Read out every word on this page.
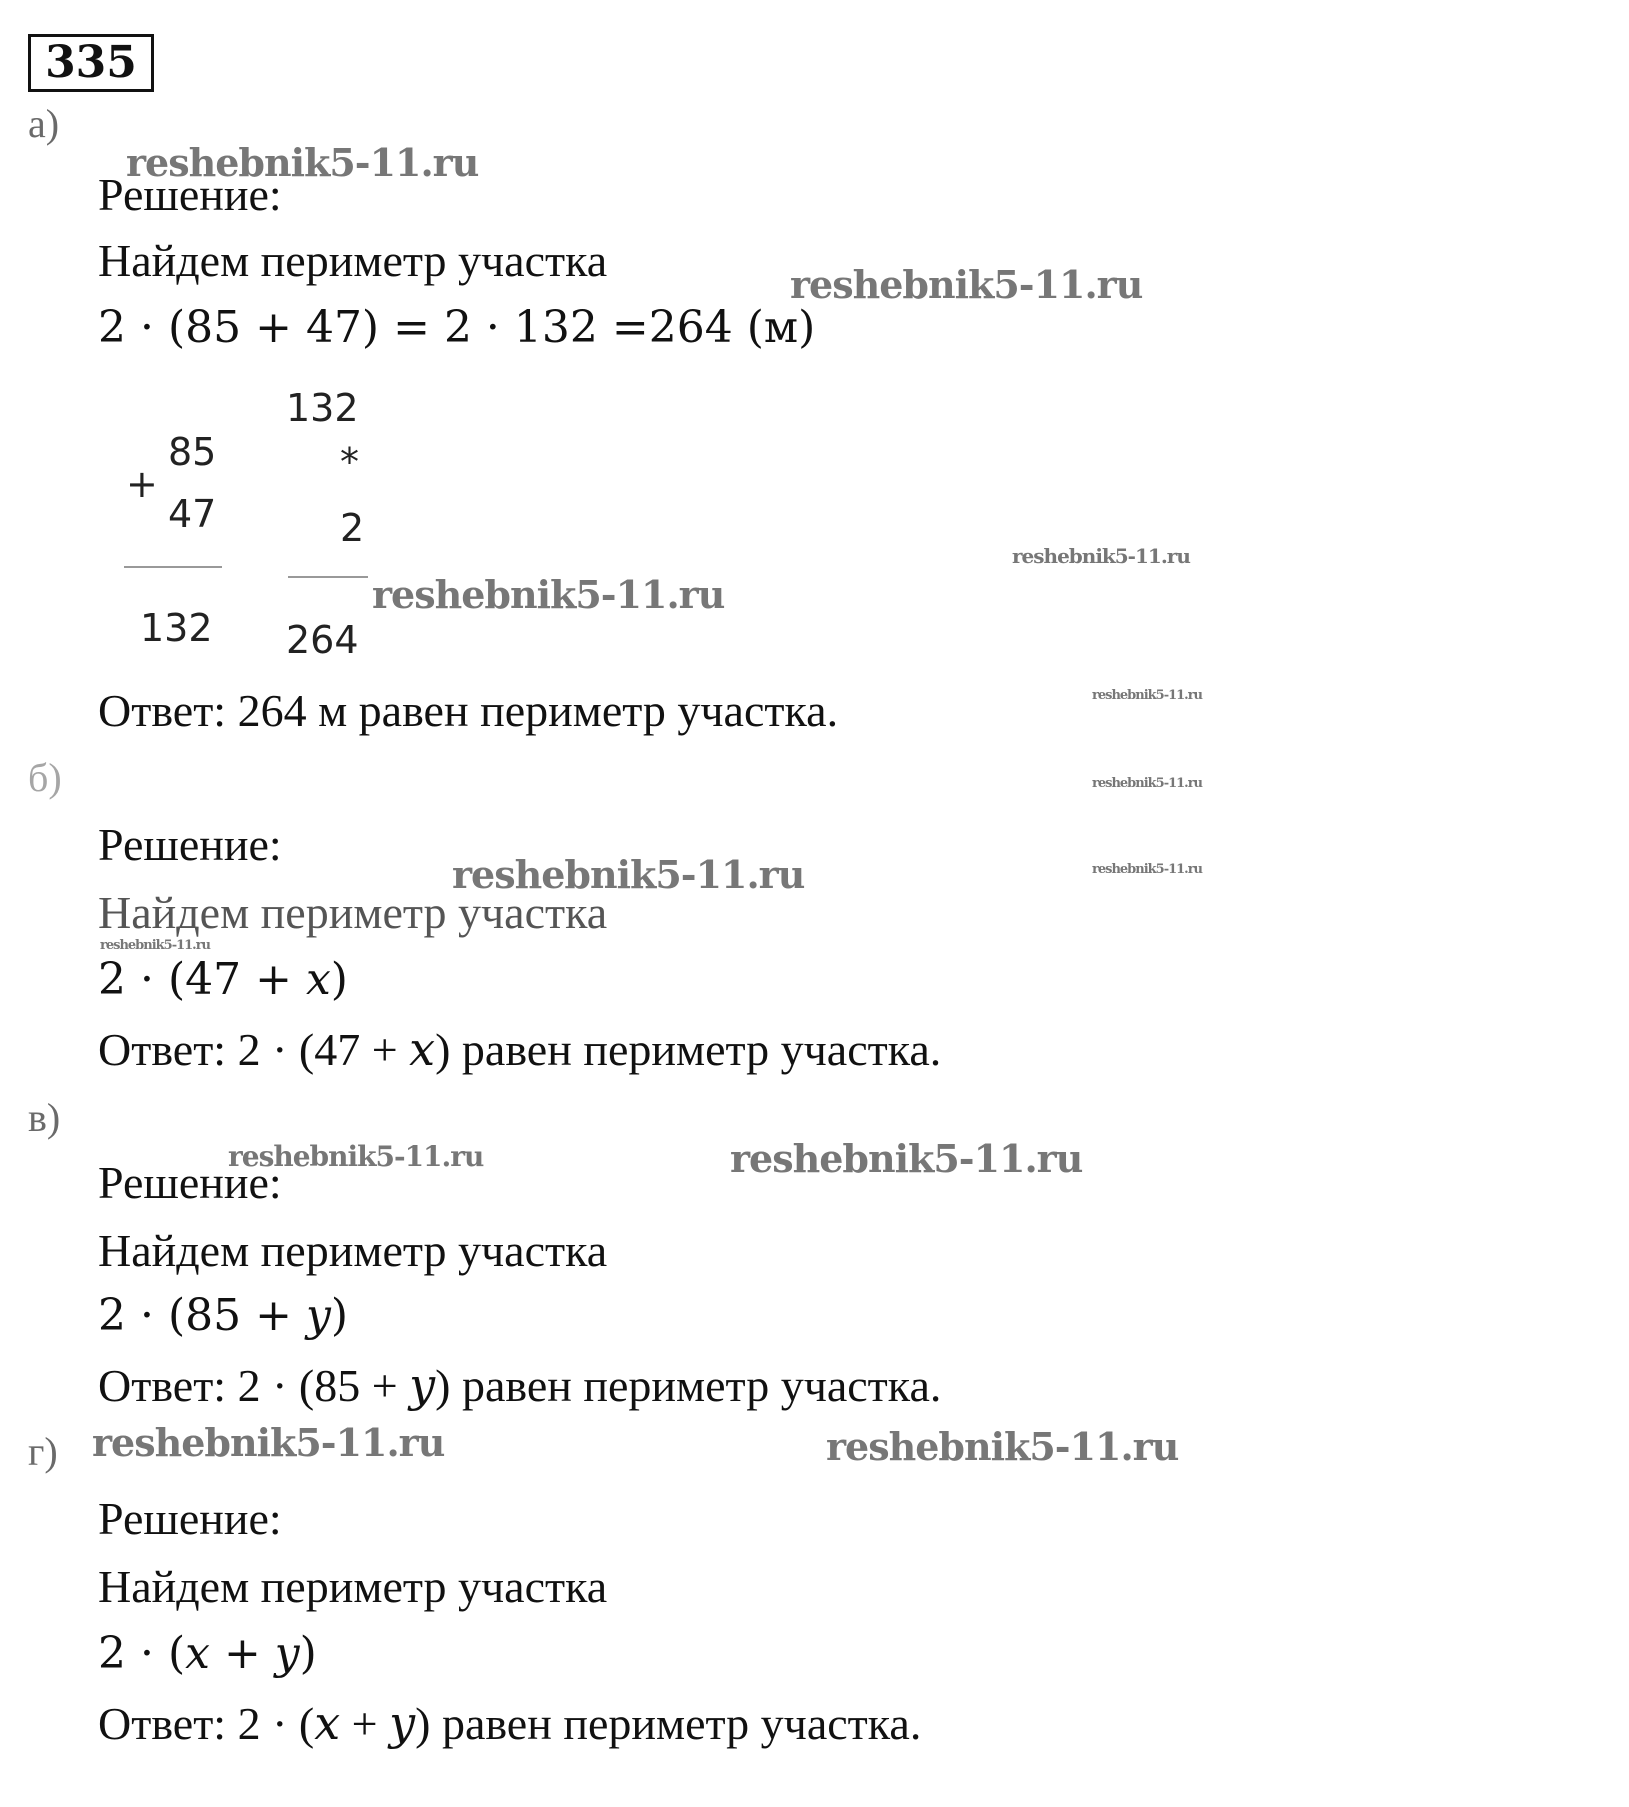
335
а)
reshebnik5-11.ru
Решение:
Найдем периметр участка	reshebnik5-11.ru
2 · (85 + 47) = 2 · 132 =264 (м)
85
+
47
132
132
*
2
264
reshebnik5-11.ru
reshebnik5-11.ru
Ответ: 264 м равен периметр участка.	reshebnik5-11.ru
б)	reshebnik5-11.ru
Решение:
reshebnik5-11.ru	reshebnik5-11.ru
Найдем периметр участка
reshebnik5-11.ru
2 · (47 + x)
Ответ: 2 · (47 + x) равен периметр участка.
в)
reshebnik5-11.ru	reshebnik5-11.ru
Решение:
Найдем периметр участка
2 · (85 + y)
Ответ: 2 · (85 + y) равен периметр участка.
г) reshebnik5-11.ru	reshebnik5-11.ru
Решение:
Найдем периметр участка
2 · (x + y)
Ответ: 2 · (x + y) равен периметр участка.
